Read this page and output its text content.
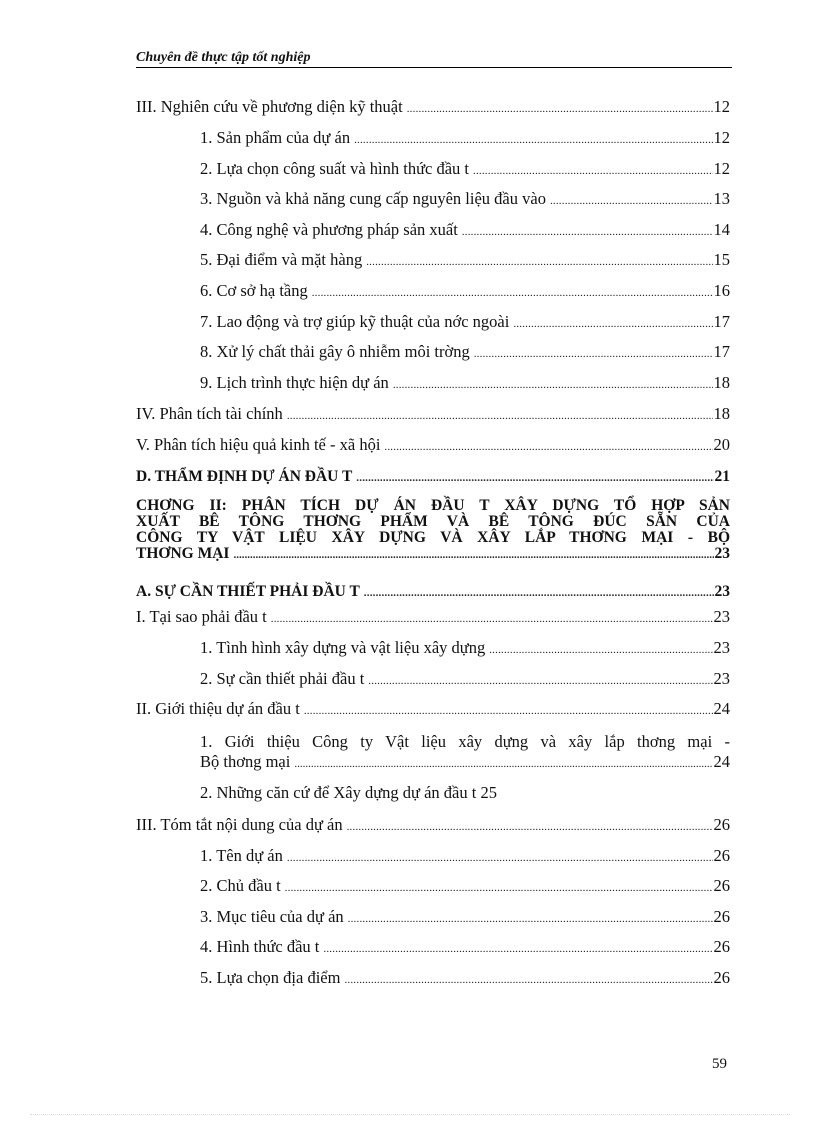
Chuyên đề thực tập tốt nghiệp
III. Nghiên cứu về phương diện kỹ thuật .....	12
1. Sản phẩm của dự án .....	12
2. Lựa chọn công suất và hình thức đầu t .....	12
3. Nguồn và khả năng cung cấp nguyên liệu đầu vào .....	13
4. Công nghệ và phương pháp sản xuất .....	14
5. Đại điểm và mặt hàng .....	15
6. Cơ sở hạ tầng .....	16
7. Lao động và trợ giúp kỹ thuật của nớc ngoài .....	17
8. Xử lý chất thải gây ô nhiễm môi trờng .....	17
9. Lịch trình thực hiện dự án .....	18
IV. Phân tích tài chính .....	18
V. Phân tích hiệu quả kinh tế - xã hội .....	20
D. THẨM ĐỊNH DỰ ÁN ĐẦU T .....	21
CHƠNG II: PHÂN TÍCH DỰ ÁN ĐẦU T XÂY DỰNG TỔ HỢP SẢN
XUẤT BÊ TÔNG THƠNG PHẨM VÀ BÊ TÔNG ĐÚC SẴN CỦA
CÔNG TY VẬT LIỆU XÂY DỰNG VÀ XÂY LẮP THƠNG MẠI - BỘ
THƠNG MẠI .....	23
A. SỰ CẦN THIẾT PHẢI ĐẦU T .....	23
I. Tại sao phải đầu t .....	23
1. Tình hình xây dựng và vật liệu xây dựng .....	23
2. Sự cần thiết phải đầu t .....	23
II. Giới thiệu dự án đầu t .....	24
1. Giới thiệu Công ty Vật liệu xây dựng và xây lắp thơng mại -
Bộ thơng mại .....	24
2. Những căn cứ để Xây dựng dự án đầu t 25
III. Tóm tắt nội dung của dự án .....	26
1. Tên dự án .....	26
2. Chủ đầu t .....	26
3. Mục tiêu của dự án .....	26
4. Hình thức đầu t .....	26
5. Lựa chọn địa điểm .....	26
59
